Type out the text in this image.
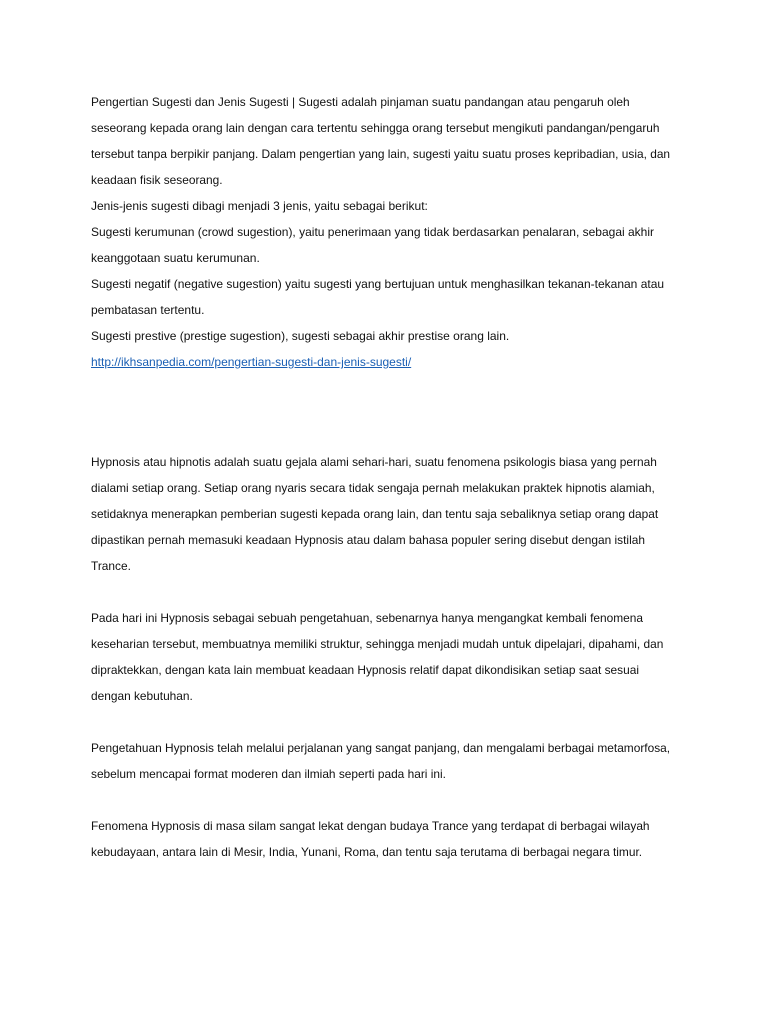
Pengertian Sugesti dan Jenis Sugesti | Sugesti adalah pinjaman suatu pandangan atau pengaruh oleh seseorang kepada orang lain dengan cara tertentu sehingga orang tersebut mengikuti pandangan/pengaruh tersebut tanpa berpikir panjang. Dalam pengertian yang lain, sugesti yaitu suatu proses kepribadian, usia, dan keadaan fisik seseorang.

Jenis-jenis sugesti dibagi menjadi 3 jenis, yaitu sebagai berikut:

Sugesti kerumunan (crowd sugestion), yaitu penerimaan yang tidak berdasarkan penalaran, sebagai akhir keanggotaan suatu kerumunan.

Sugesti negatif (negative sugestion) yaitu sugesti yang bertujuan untuk menghasilkan tekanan-tekanan atau pembatasan tertentu.

Sugesti prestive (prestige sugestion), sugesti sebagai akhir prestise orang lain.

http://ikhsanpedia.com/pengertian-sugesti-dan-jenis-sugesti/

Hypnosis atau hipnotis adalah suatu gejala alami sehari-hari, suatu fenomena psikologis biasa yang pernah dialami setiap orang. Setiap orang nyaris secara tidak sengaja pernah melakukan praktek hipnotis alamiah, setidaknya menerapkan pemberian sugesti kepada orang lain, dan tentu saja sebaliknya setiap orang dapat dipastikan pernah memasuki keadaan Hypnosis atau dalam bahasa populer sering disebut dengan istilah Trance.

Pada hari ini Hypnosis sebagai sebuah pengetahuan, sebenarnya hanya mengangkat kembali fenomena keseharian tersebut, membuatnya memiliki struktur, sehingga menjadi mudah untuk dipelajari, dipahami, dan dipraktekkan, dengan kata lain membuat keadaan Hypnosis relatif dapat dikondisikan setiap saat sesuai dengan kebutuhan.

Pengetahuan Hypnosis telah melalui perjalanan yang sangat panjang, dan mengalami berbagai metamorfosa, sebelum mencapai format moderen dan ilmiah seperti pada hari ini.

Fenomena Hypnosis di masa silam sangat lekat dengan budaya Trance yang terdapat di berbagai wilayah kebudayaan, antara lain di Mesir, India, Yunani, Roma, dan tentu saja terutama di berbagai negara timur.
